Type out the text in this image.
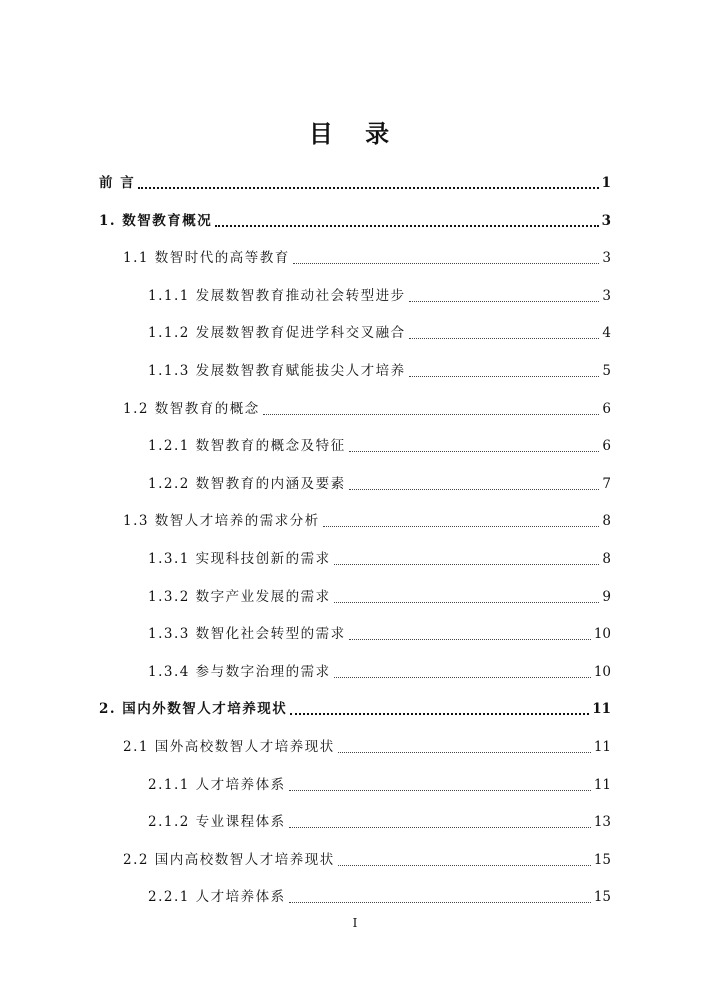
目 录
前 言	1
1. 数智教育概况	3
1.1 数智时代的高等教育	3
1.1.1 发展数智教育推动社会转型进步	3
1.1.2 发展数智教育促进学科交叉融合	4
1.1.3 发展数智教育赋能拔尖人才培养	5
1.2 数智教育的概念	6
1.2.1 数智教育的概念及特征	6
1.2.2 数智教育的内涵及要素	7
1.3 数智人才培养的需求分析	8
1.3.1 实现科技创新的需求	8
1.3.2 数字产业发展的需求	9
1.3.3 数智化社会转型的需求	10
1.3.4 参与数字治理的需求	10
2. 国内外数智人才培养现状	11
2.1 国外高校数智人才培养现状	11
2.1.1 人才培养体系	11
2.1.2 专业课程体系	13
2.2 国内高校数智人才培养现状	15
2.2.1 人才培养体系	15
I
